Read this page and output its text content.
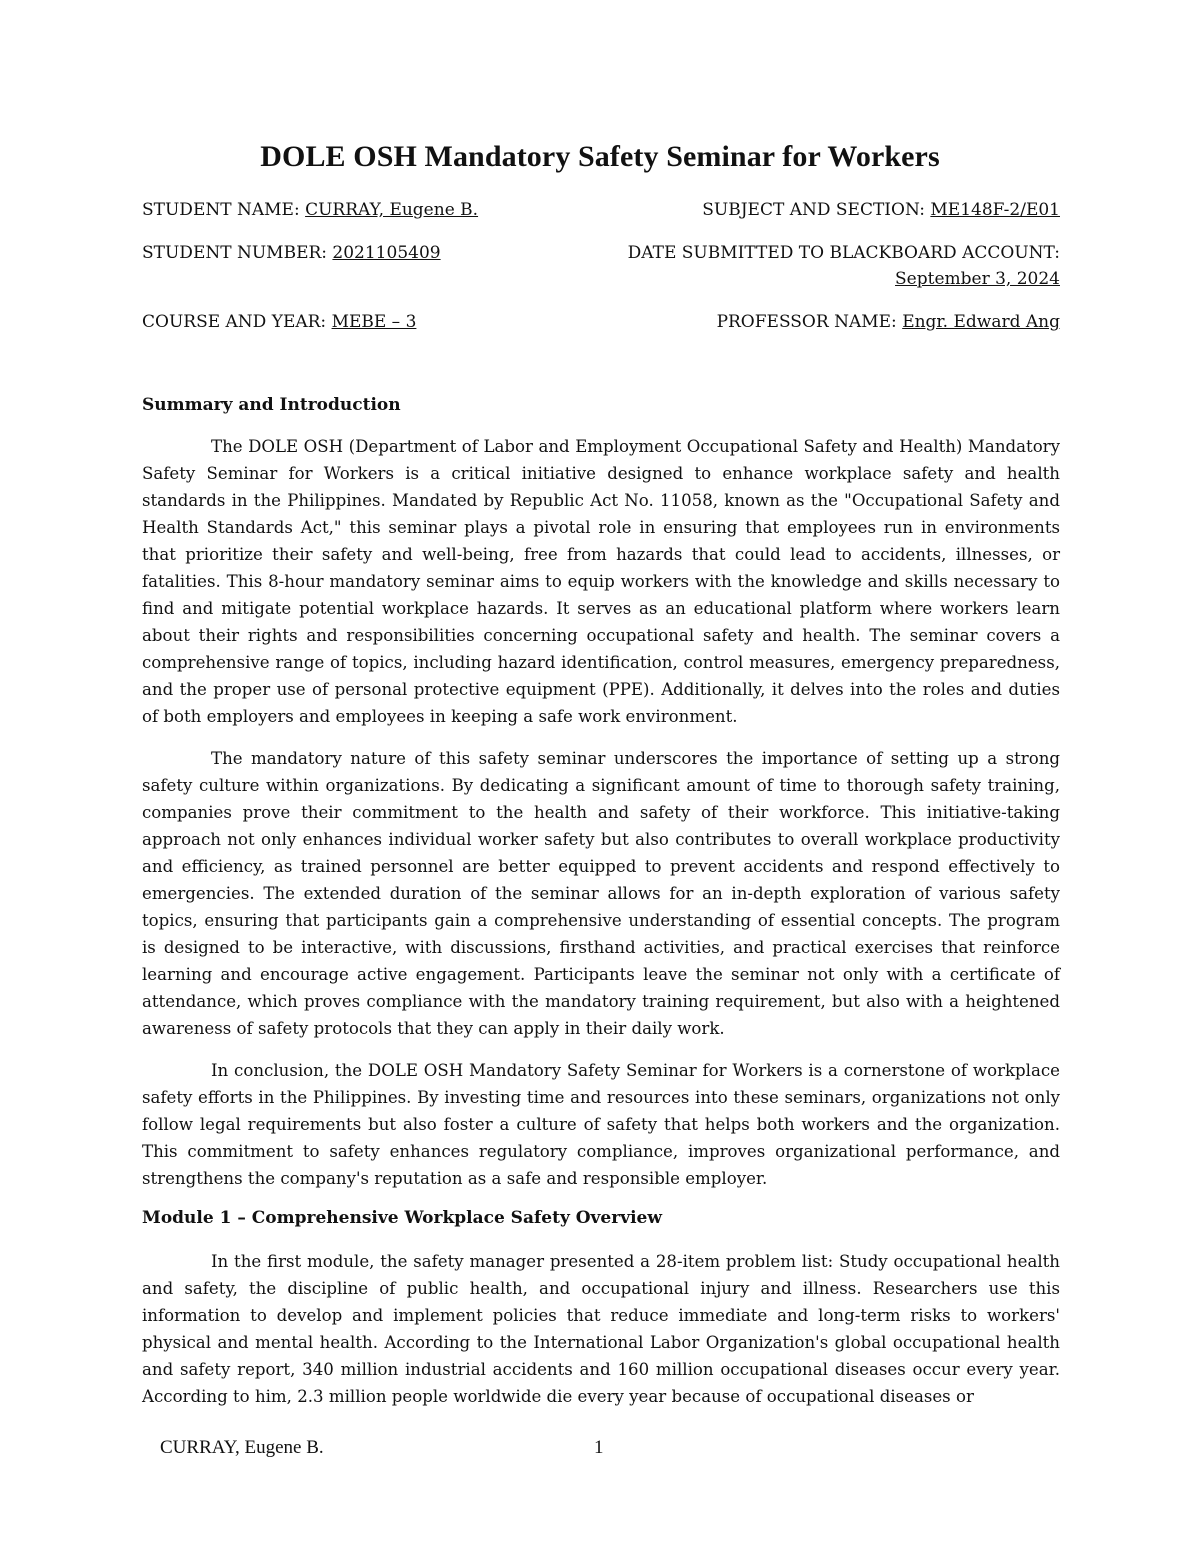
DOLE OSH Mandatory Safety Seminar for Workers
STUDENT NAME: CURRAY, Eugene B.	SUBJECT AND SECTION: ME148F-2/E01
STUDENT NUMBER: 2021105409	DATE SUBMITTED TO BLACKBOARD ACCOUNT:
September 3, 2024
COURSE AND YEAR: MEBE – 3	PROFESSOR NAME: Engr. Edward Ang
Summary and Introduction

The DOLE OSH (Department of Labor and Employment Occupational Safety and Health) Mandatory Safety Seminar for Workers is a critical initiative designed to enhance workplace safety and health standards in the Philippines. Mandated by Republic Act No. 11058, known as the "Occupational Safety and Health Standards Act," this seminar plays a pivotal role in ensuring that employees run in environments that prioritize their safety and well-being, free from hazards that could lead to accidents, illnesses, or fatalities. This 8-hour mandatory seminar aims to equip workers with the knowledge and skills necessary to find and mitigate potential workplace hazards. It serves as an educational platform where workers learn about their rights and responsibilities concerning occupational safety and health. The seminar covers a comprehensive range of topics, including hazard identification, control measures, emergency preparedness, and the proper use of personal protective equipment (PPE). Additionally, it delves into the roles and duties of both employers and employees in keeping a safe work environment.

The mandatory nature of this safety seminar underscores the importance of setting up a strong safety culture within organizations. By dedicating a significant amount of time to thorough safety training, companies prove their commitment to the health and safety of their workforce. This initiative-taking approach not only enhances individual worker safety but also contributes to overall workplace productivity and efficiency, as trained personnel are better equipped to prevent accidents and respond effectively to emergencies. The extended duration of the seminar allows for an in-depth exploration of various safety topics, ensuring that participants gain a comprehensive understanding of essential concepts. The program is designed to be interactive, with discussions, firsthand activities, and practical exercises that reinforce learning and encourage active engagement. Participants leave the seminar not only with a certificate of attendance, which proves compliance with the mandatory training requirement, but also with a heightened awareness of safety protocols that they can apply in their daily work.

In conclusion, the DOLE OSH Mandatory Safety Seminar for Workers is a cornerstone of workplace safety efforts in the Philippines. By investing time and resources into these seminars, organizations not only follow legal requirements but also foster a culture of safety that helps both workers and the organization. This commitment to safety enhances regulatory compliance, improves organizational performance, and strengthens the company's reputation as a safe and responsible employer.

Module 1 – Comprehensive Workplace Safety Overview

In the first module, the safety manager presented a 28-item problem list: Study occupational health and safety, the discipline of public health, and occupational injury and illness. Researchers use this information to develop and implement policies that reduce immediate and long-term risks to workers' physical and mental health. According to the International Labor Organization's global occupational health and safety report, 340 million industrial accidents and 160 million occupational diseases occur every year. According to him, 2.3 million people worldwide die every year because of occupational diseases or

CURRAY, Eugene B.	1
